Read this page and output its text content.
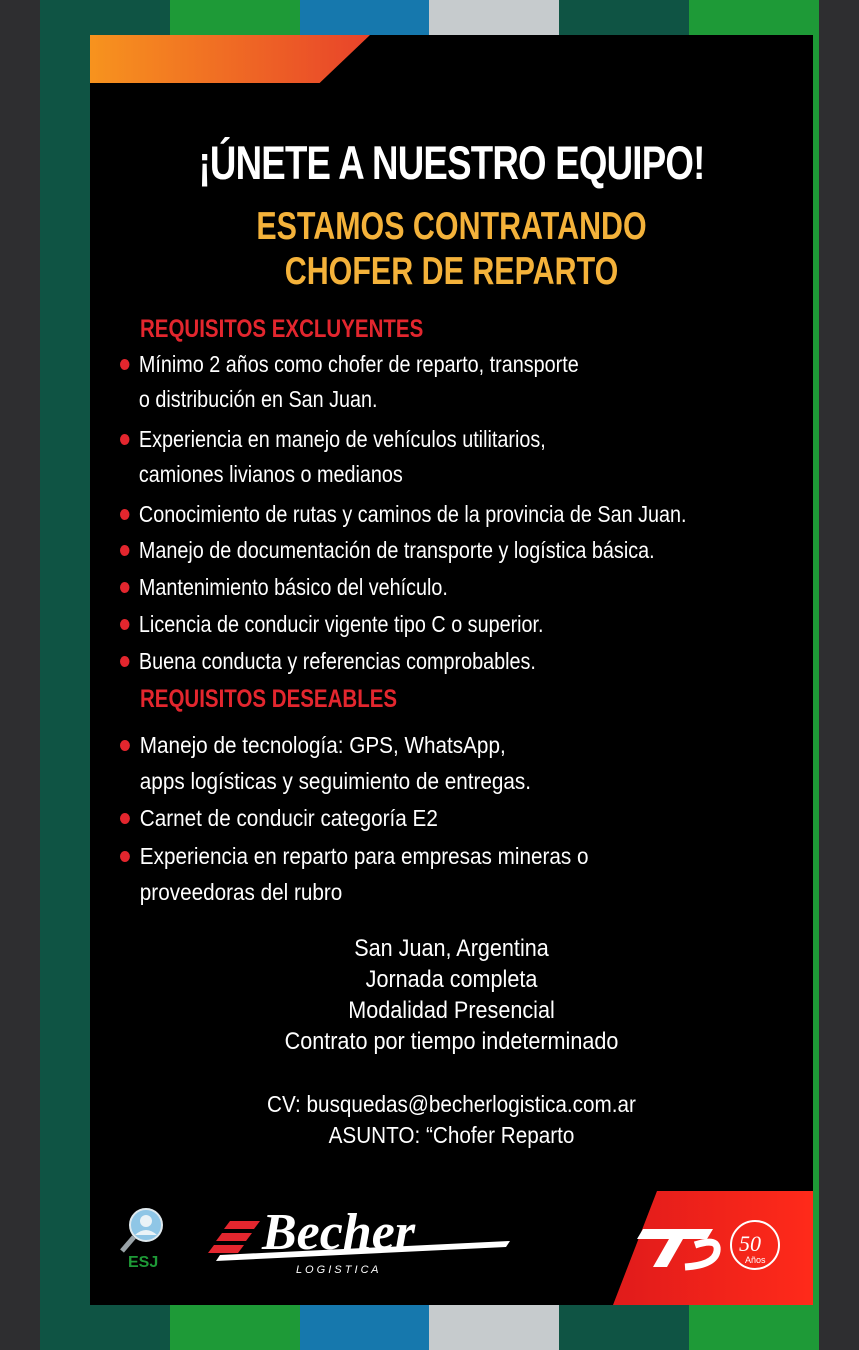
¡ÚNETE A NUESTRO EQUIPO!
ESTAMOS CONTRATANDO
CHOFER DE REPARTO
REQUISITOS EXCLUYENTES
Mínimo 2 años como chofer de reparto, transporte
o distribución en San Juan.
Experiencia en manejo de vehículos utilitarios,
camiones livianos o medianos
Conocimiento de rutas y caminos de la provincia de San Juan.
Manejo de documentación de transporte y logística básica.
Mantenimiento básico del vehículo.
Licencia de conducir vigente tipo C o superior.
Buena conducta y referencias comprobables.
REQUISITOS DESEABLES
Manejo de tecnología: GPS, WhatsApp,
apps logísticas y seguimiento de entregas.
Carnet de conducir categoría E2
Experiencia en reparto para empresas mineras o
proveedoras del rubro
San Juan, Argentina
Jornada completa
Modalidad Presencial
Contrato por tiempo indeterminado
CV: busquedas@becherlogistica.com.ar
ASUNTO: “Chofer Reparto
ESJ
Becher
L O G I S T I C A
50
Años
